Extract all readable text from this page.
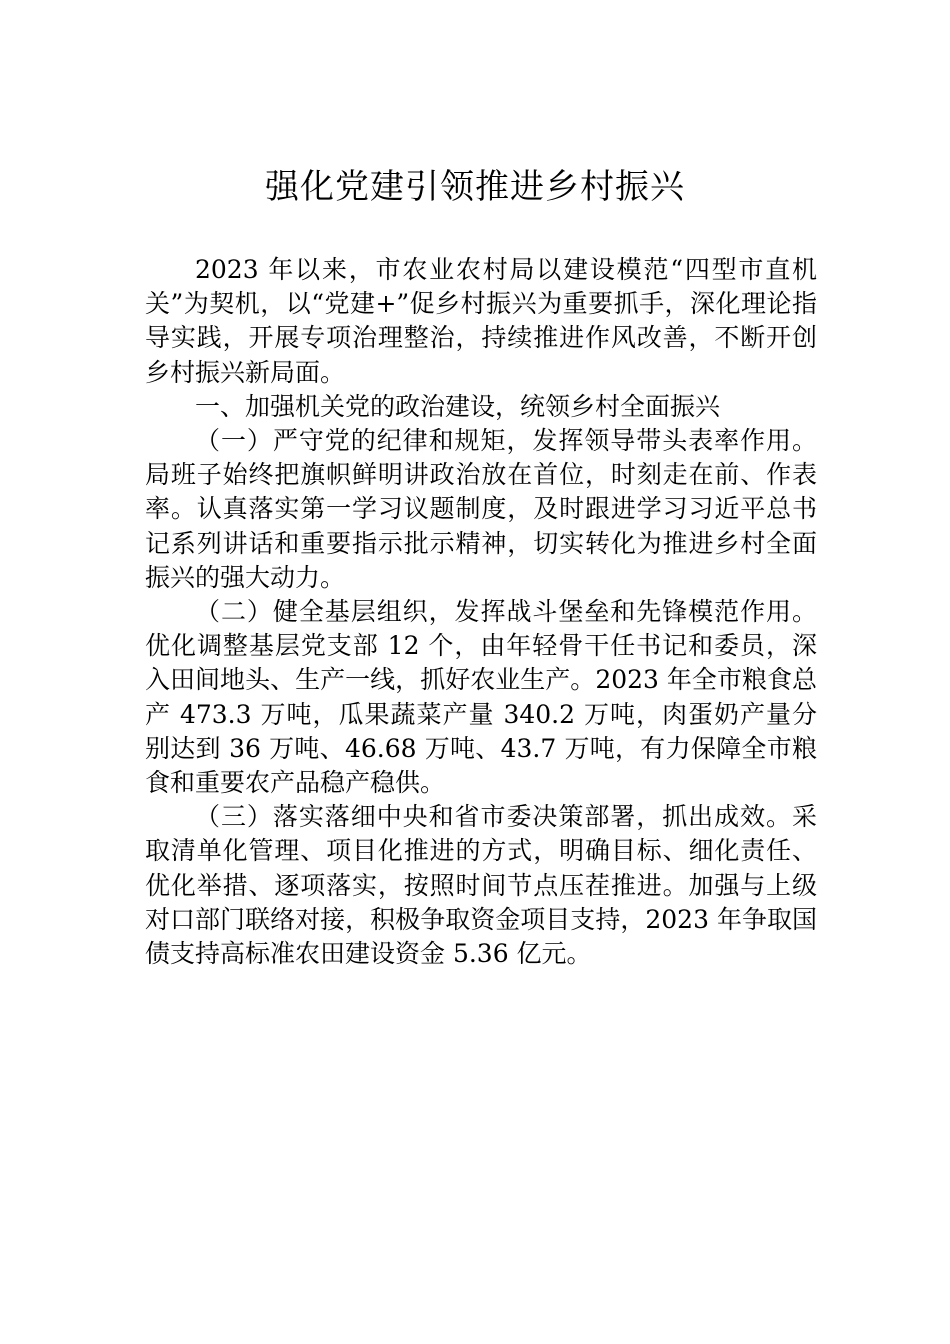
强化党建引领推进乡村振兴

2023 年以来，市农业农村局以建设模范“四型市直机关”为契机，以“党建+”促乡村振兴为重要抓手，深化理论指导实践，开展专项治理整治，持续推进作风改善，不断开创乡村振兴新局面。

一、加强机关党的政治建设，统领乡村全面振兴

（一）严守党的纪律和规矩，发挥领导带头表率作用。局班子始终把旗帜鲜明讲政治放在首位，时刻走在前、作表率。认真落实第一学习议题制度，及时跟进学习习近平总书记系列讲话和重要指示批示精神，切实转化为推进乡村全面振兴的强大动力。

（二）健全基层组织，发挥战斗堡垒和先锋模范作用。优化调整基层党支部 12 个，由年轻骨干任书记和委员，深入田间地头、生产一线，抓好农业生产。2023 年全市粮食总产 473.3 万吨，瓜果蔬菜产量 340.2 万吨，肉蛋奶产量分别达到 36 万吨、46.68 万吨、43.7 万吨，有力保障全市粮食和重要农产品稳产稳供。

（三）落实落细中央和省市委决策部署，抓出成效。采取清单化管理、项目化推进的方式，明确目标、细化责任、优化举措、逐项落实，按照时间节点压茬推进。加强与上级对口部门联络对接，积极争取资金项目支持，2023 年争取国债支持高标准农田建设资金 5.36 亿元。
